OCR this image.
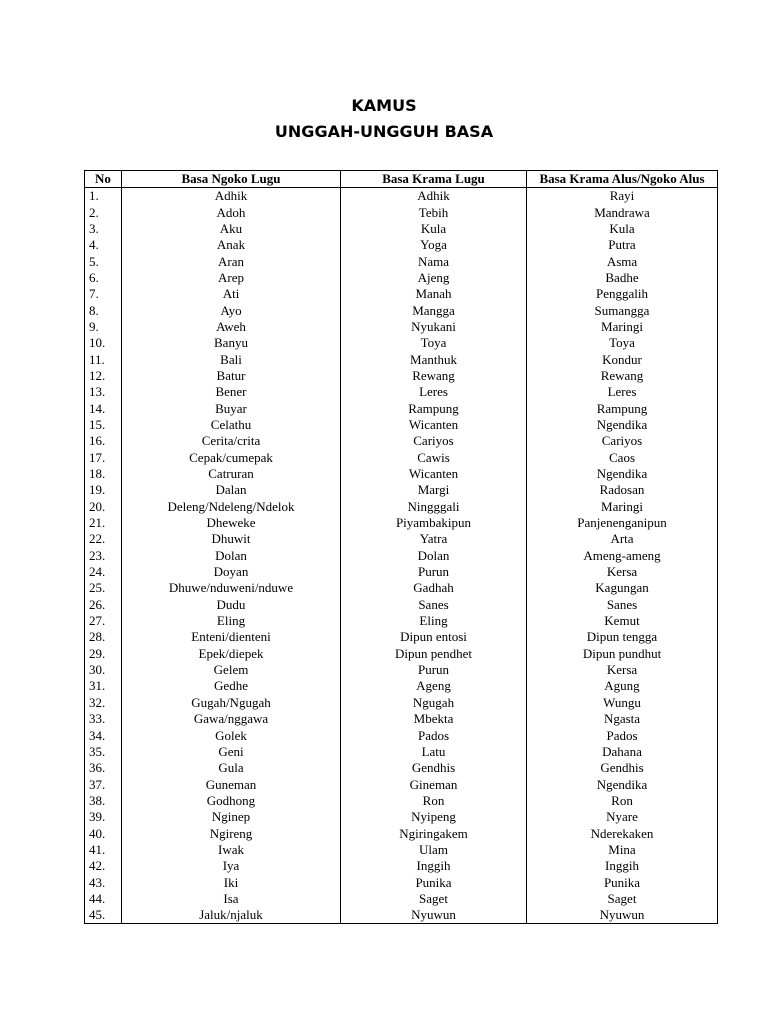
KAMUS
UNGGAH-UNGGUH BASA
No	Basa Ngoko Lugu	Basa Krama Lugu	Basa Krama Alus/Ngoko Alus
1.	Adhik	Adhik	Rayi
2.	Adoh	Tebih	Mandrawa
3.	Aku	Kula	Kula
4.	Anak	Yoga	Putra
5.	Aran	Nama	Asma
6.	Arep	Ajeng	Badhe
7.	Ati	Manah	Penggalih
8.	Ayo	Mangga	Sumangga
9.	Aweh	Nyukani	Maringi
10.	Banyu	Toya	Toya
11.	Bali	Manthuk	Kondur
12.	Batur	Rewang	Rewang
13.	Bener	Leres	Leres
14.	Buyar	Rampung	Rampung
15.	Celathu	Wicanten	Ngendika
16.	Cerita/crita	Cariyos	Cariyos
17.	Cepak/cumepak	Cawis	Caos
18.	Catruran	Wicanten	Ngendika
19.	Dalan	Margi	Radosan
20.	Deleng/Ndeleng/Ndelok	Ningggali	Maringi
21.	Dheweke	Piyambakipun	Panjenenganipun
22.	Dhuwit	Yatra	Arta
23.	Dolan	Dolan	Ameng-ameng
24.	Doyan	Purun	Kersa
25.	Dhuwe/nduweni/nduwe	Gadhah	Kagungan
26.	Dudu	Sanes	Sanes
27.	Eling	Eling	Kemut
28.	Enteni/dienteni	Dipun entosi	Dipun tengga
29.	Epek/diepek	Dipun pendhet	Dipun pundhut
30.	Gelem	Purun	Kersa
31.	Gedhe	Ageng	Agung
32.	Gugah/Ngugah	Ngugah	Wungu
33.	Gawa/nggawa	Mbekta	Ngasta
34.	Golek	Pados	Pados
35.	Geni	Latu	Dahana
36.	Gula	Gendhis	Gendhis
37.	Guneman	Gineman	Ngendika
38.	Godhong	Ron	Ron
39.	Nginep	Nyipeng	Nyare
40.	Ngireng	Ngiringakem	Nderekaken
41.	Iwak	Ulam	Mina
42.	Iya	Inggih	Inggih
43.	Iki	Punika	Punika
44.	Isa	Saget	Saget
45.	Jaluk/njaluk	Nyuwun	Nyuwun
